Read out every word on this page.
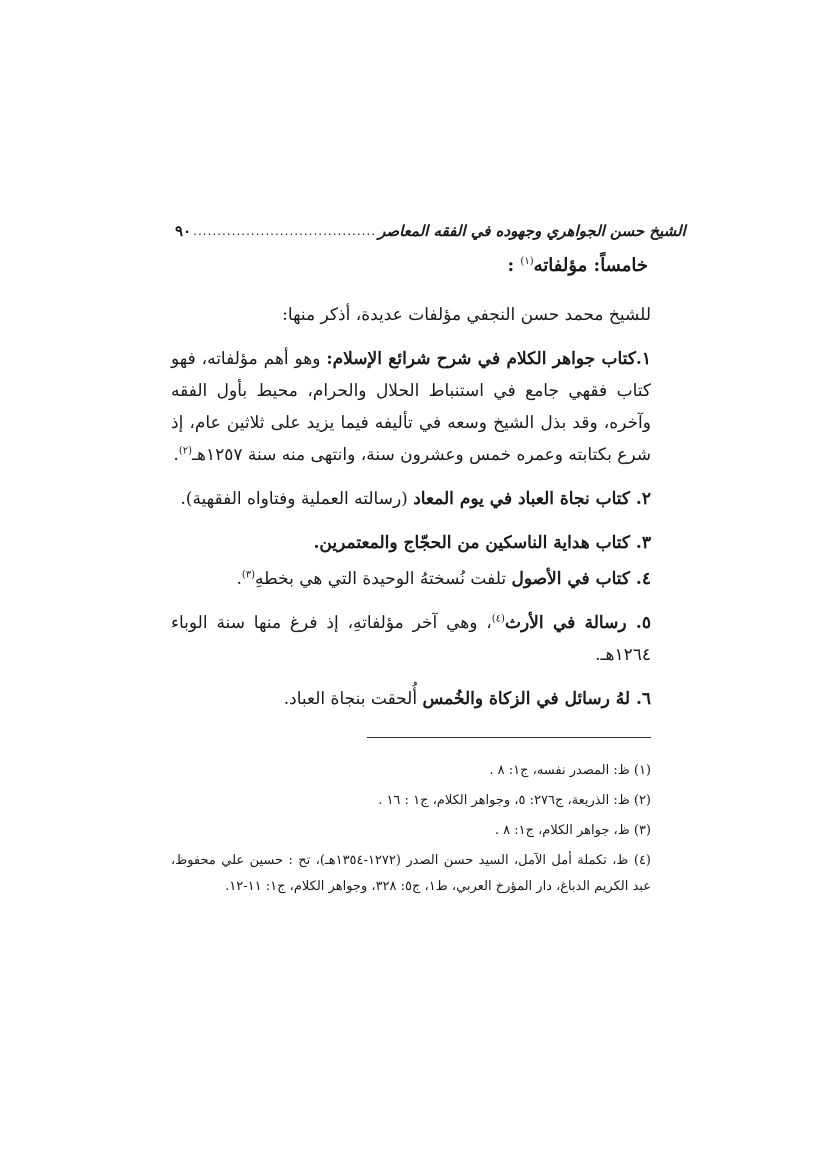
٩٠ ...................................... الشيخ حسن الجواهري وجهوده في الفقه المعاصر
خامساً: مؤلفاته$^{(١)}$ :

للشيخ محمد حسن النجفي مؤلفات عديدة، أذكر منها:

١.كتاب جواهر الكلام في شرح شرائع الإسلام: وهو أهم مؤلفاته، فهو كتاب فقهي جامع في استنباط الحلال والحرام، محيط بأول الفقه وآخره، وقد بذل الشيخ وسعه في تأليفه فيما يزيد على ثلاثين عام، إذ شرع بكتابته وعمره خمس وعشرون سنة، وانتهى منه سنة ١٢٥٧هـ$^{(٢)}$.

٢. كتاب نجاة العباد في يوم المعاد (رسالته العملية وفتاواه الفقهية).

٣. كتاب هداية الناسكين من الحجّاج والمعتمرين.

٤. كتاب في الأصول تلفت نُسختهُ الوحيدة التي هي بخطهِ$^{(٣)}$.

٥. رسالة في الأرث$^{(٤)}$، وهي آخر مؤلفاتهِ، إذ فرغ منها سنة الوباء ١٢٦٤هـ.

٦. لهُ رسائل في الزكاة والخُمس أُلحقت بنجاة العباد.

(١) ظ: المصدر نفسه، ج١: ٨ .

(٢) ظ: الذريعة، ج٢٧٦: ٥، وجواهر الكلام، ج١ : ١٦ .

(٣) ظ، جواهر الكلام، ج١: ٨ .

(٤) ظ، تكملة أمل الآمل، السيد حسن الصدر (١٢٧٢-١٣٥٤هـ)، تح : حسين علي محفوظ، عبد الكريم الدباغ، دار المؤرخ العربي، ط١، ج٥: ٣٢٨، وجواهر الكلام، ج١: ١١-١٢.
